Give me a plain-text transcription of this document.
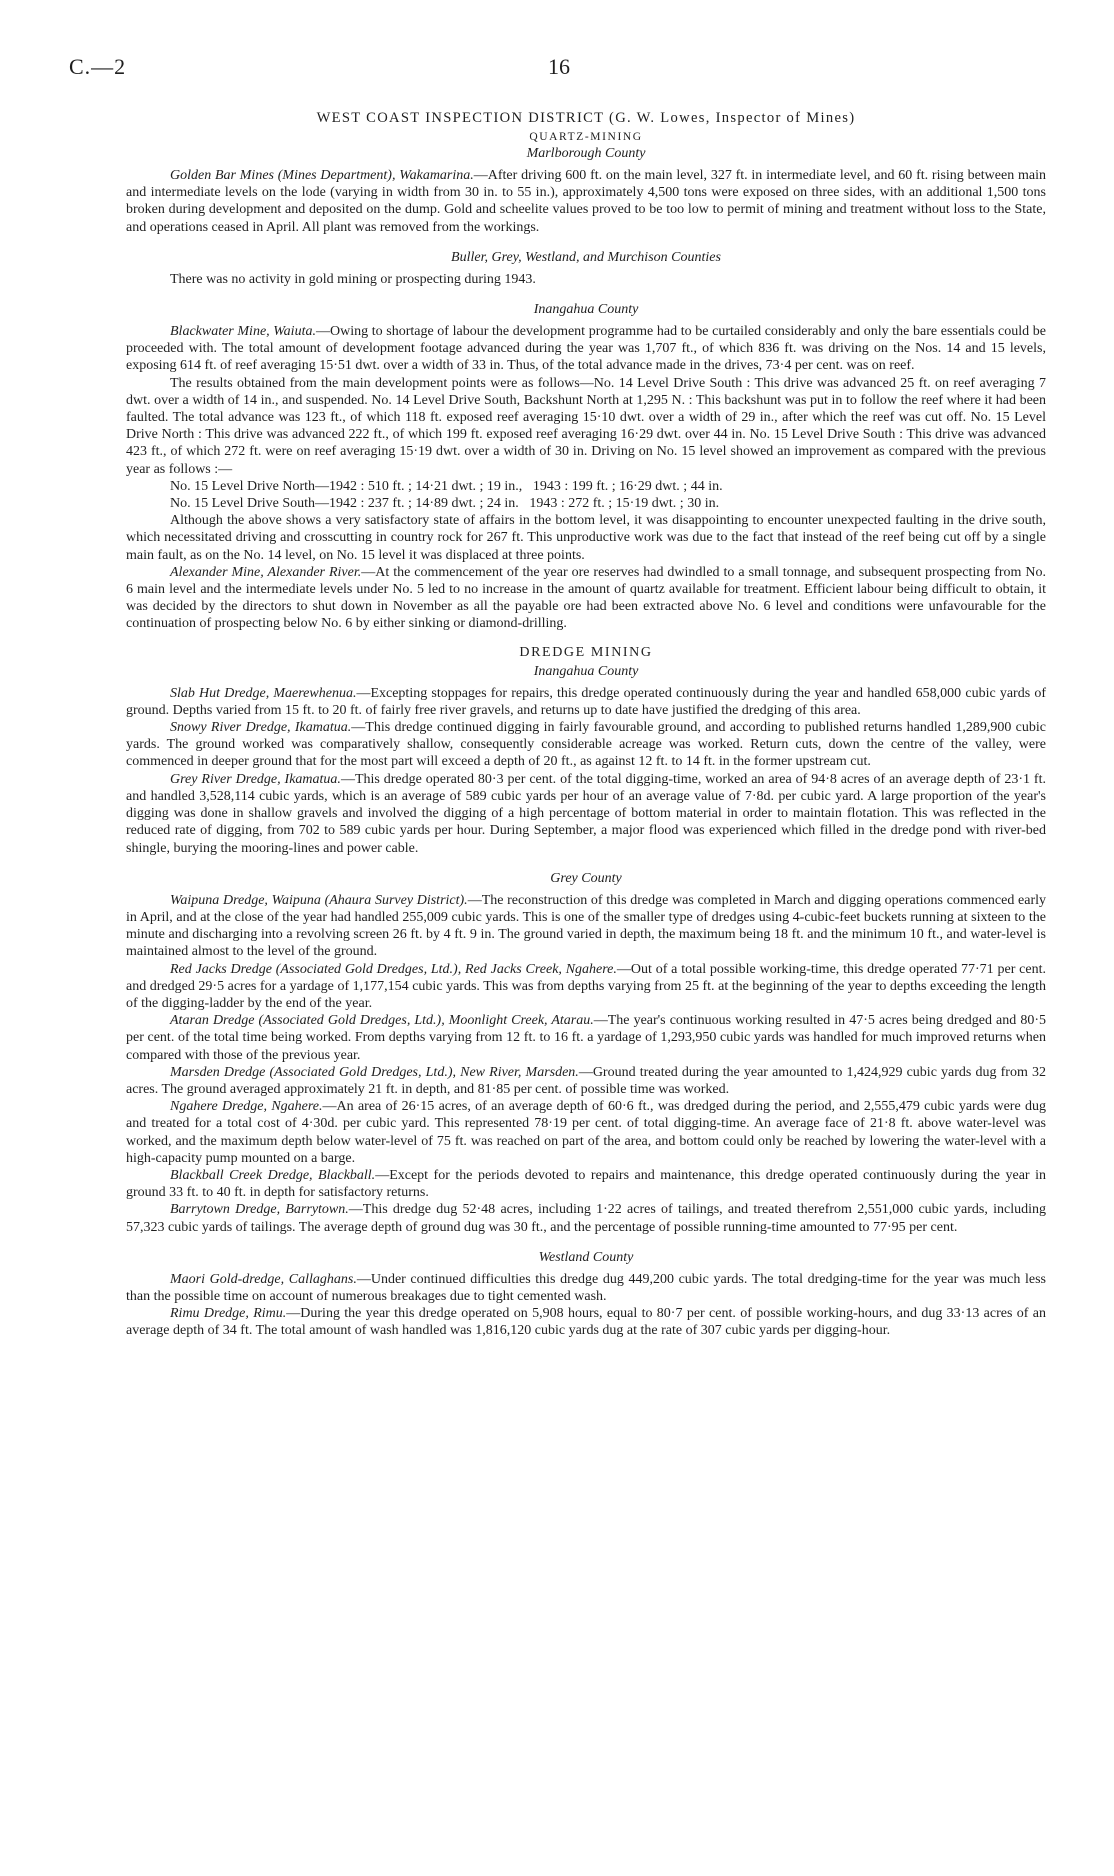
C.—2	16
WEST COAST INSPECTION DISTRICT (G. W. Lowes, Inspector of Mines)
QUARTZ-MINING
Marlborough County

Golden Bar Mines (Mines Department), Wakamarina.—After driving 600 ft. on the main level, 327 ft. in intermediate level, and 60 ft. rising between main and intermediate levels on the lode (varying in width from 30 in. to 55 in.), approximately 4,500 tons were exposed on three sides, with an additional 1,500 tons broken during development and deposited on the dump. Gold and scheelite values proved to be too low to permit of mining and treatment without loss to the State, and operations ceased in April. All plant was removed from the workings.

Buller, Grey, Westland, and Murchison Counties

There was no activity in gold mining or prospecting during 1943.

Inangahua County

Blackwater Mine, Waiuta.—Owing to shortage of labour the development programme had to be curtailed considerably and only the bare essentials could be proceeded with. The total amount of development footage advanced during the year was 1,707 ft., of which 836 ft. was driving on the Nos. 14 and 15 levels, exposing 614 ft. of reef averaging 15·51 dwt. over a width of 33 in. Thus, of the total advance made in the drives, 73·4 per cent. was on reef.

The results obtained from the main development points were as follows—No. 14 Level Drive South : This drive was advanced 25 ft. on reef averaging 7 dwt. over a width of 14 in., and suspended. No. 14 Level Drive South, Backshunt North at 1,295 N. : This backshunt was put in to follow the reef where it had been faulted. The total advance was 123 ft., of which 118 ft. exposed reef averaging 15·10 dwt. over a width of 29 in., after which the reef was cut off. No. 15 Level Drive North : This drive was advanced 222 ft., of which 199 ft. exposed reef averaging 16·29 dwt. over 44 in. No. 15 Level Drive South : This drive was advanced 423 ft., of which 272 ft. were on reef averaging 15·19 dwt. over a width of 30 in. Driving on No. 15 level showed an improvement as compared with the previous year as follows :—

No. 15 Level Drive North—1942 : 510 ft. ; 14·21 dwt. ; 19 in., 1943 : 199 ft. ; 16·29 dwt. ; 44 in.

No. 15 Level Drive South—1942 : 237 ft. ; 14·89 dwt. ; 24 in. 1943 : 272 ft. ; 15·19 dwt. ; 30 in.

Although the above shows a very satisfactory state of affairs in the bottom level, it was disappointing to encounter unexpected faulting in the drive south, which necessitated driving and crosscutting in country rock for 267 ft. This unproductive work was due to the fact that instead of the reef being cut off by a single main fault, as on the No. 14 level, on No. 15 level it was displaced at three points.

Alexander Mine, Alexander River.—At the commencement of the year ore reserves had dwindled to a small tonnage, and subsequent prospecting from No. 6 main level and the intermediate levels under No. 5 led to no increase in the amount of quartz available for treatment. Efficient labour being difficult to obtain, it was decided by the directors to shut down in November as all the payable ore had been extracted above No. 6 level and conditions were unfavourable for the continuation of prospecting below No. 6 by either sinking or diamond-drilling.

DREDGE MINING
Inangahua County

Slab Hut Dredge, Maerewhenua.—Excepting stoppages for repairs, this dredge operated continuously during the year and handled 658,000 cubic yards of ground. Depths varied from 15 ft. to 20 ft. of fairly free river gravels, and returns up to date have justified the dredging of this area.

Snowy River Dredge, Ikamatua.—This dredge continued digging in fairly favourable ground, and according to published returns handled 1,289,900 cubic yards. The ground worked was comparatively shallow, consequently considerable acreage was worked. Return cuts, down the centre of the valley, were commenced in deeper ground that for the most part will exceed a depth of 20 ft., as against 12 ft. to 14 ft. in the former upstream cut.

Grey River Dredge, Ikamatua.—This dredge operated 80·3 per cent. of the total digging-time, worked an area of 94·8 acres of an average depth of 23·1 ft. and handled 3,528,114 cubic yards, which is an average of 589 cubic yards per hour of an average value of 7·8d. per cubic yard. A large proportion of the year's digging was done in shallow gravels and involved the digging of a high percentage of bottom material in order to maintain flotation. This was reflected in the reduced rate of digging, from 702 to 589 cubic yards per hour. During September, a major flood was experienced which filled in the dredge pond with river-bed shingle, burying the mooring-lines and power cable.

Grey County

Waipuna Dredge, Waipuna (Ahaura Survey District).—The reconstruction of this dredge was completed in March and digging operations commenced early in April, and at the close of the year had handled 255,009 cubic yards. This is one of the smaller type of dredges using 4-cubic-feet buckets running at sixteen to the minute and discharging into a revolving screen 26 ft. by 4 ft. 9 in. The ground varied in depth, the maximum being 18 ft. and the minimum 10 ft., and water-level is maintained almost to the level of the ground.

Red Jacks Dredge (Associated Gold Dredges, Ltd.), Red Jacks Creek, Ngahere.—Out of a total possible working-time, this dredge operated 77·71 per cent. and dredged 29·5 acres for a yardage of 1,177,154 cubic yards. This was from depths varying from 25 ft. at the beginning of the year to depths exceeding the length of the digging-ladder by the end of the year.

Ataran Dredge (Associated Gold Dredges, Ltd.), Moonlight Creek, Atarau.—The year's continuous working resulted in 47·5 acres being dredged and 80·5 per cent. of the total time being worked. From depths varying from 12 ft. to 16 ft. a yardage of 1,293,950 cubic yards was handled for much improved returns when compared with those of the previous year.

Marsden Dredge (Associated Gold Dredges, Ltd.), New River, Marsden.—Ground treated during the year amounted to 1,424,929 cubic yards dug from 32 acres. The ground averaged approximately 21 ft. in depth, and 81·85 per cent. of possible time was worked.

Ngahere Dredge, Ngahere.—An area of 26·15 acres, of an average depth of 60·6 ft., was dredged during the period, and 2,555,479 cubic yards were dug and treated for a total cost of 4·30d. per cubic yard. This represented 78·19 per cent. of total digging-time. An average face of 21·8 ft. above water-level was worked, and the maximum depth below water-level of 75 ft. was reached on part of the area, and bottom could only be reached by lowering the water-level with a high-capacity pump mounted on a barge.

Blackball Creek Dredge, Blackball.—Except for the periods devoted to repairs and maintenance, this dredge operated continuously during the year in ground 33 ft. to 40 ft. in depth for satisfactory returns.

Barrytown Dredge, Barrytown.—This dredge dug 52·48 acres, including 1·22 acres of tailings, and treated therefrom 2,551,000 cubic yards, including 57,323 cubic yards of tailings. The average depth of ground dug was 30 ft., and the percentage of possible running-time amounted to 77·95 per cent.

Westland County

Maori Gold-dredge, Callaghans.—Under continued difficulties this dredge dug 449,200 cubic yards. The total dredging-time for the year was much less than the possible time on account of numerous breakages due to tight cemented wash.

Rimu Dredge, Rimu.—During the year this dredge operated on 5,908 hours, equal to 80·7 per cent. of possible working-hours, and dug 33·13 acres of an average depth of 34 ft. The total amount of wash handled was 1,816,120 cubic yards dug at the rate of 307 cubic yards per digging-hour.
